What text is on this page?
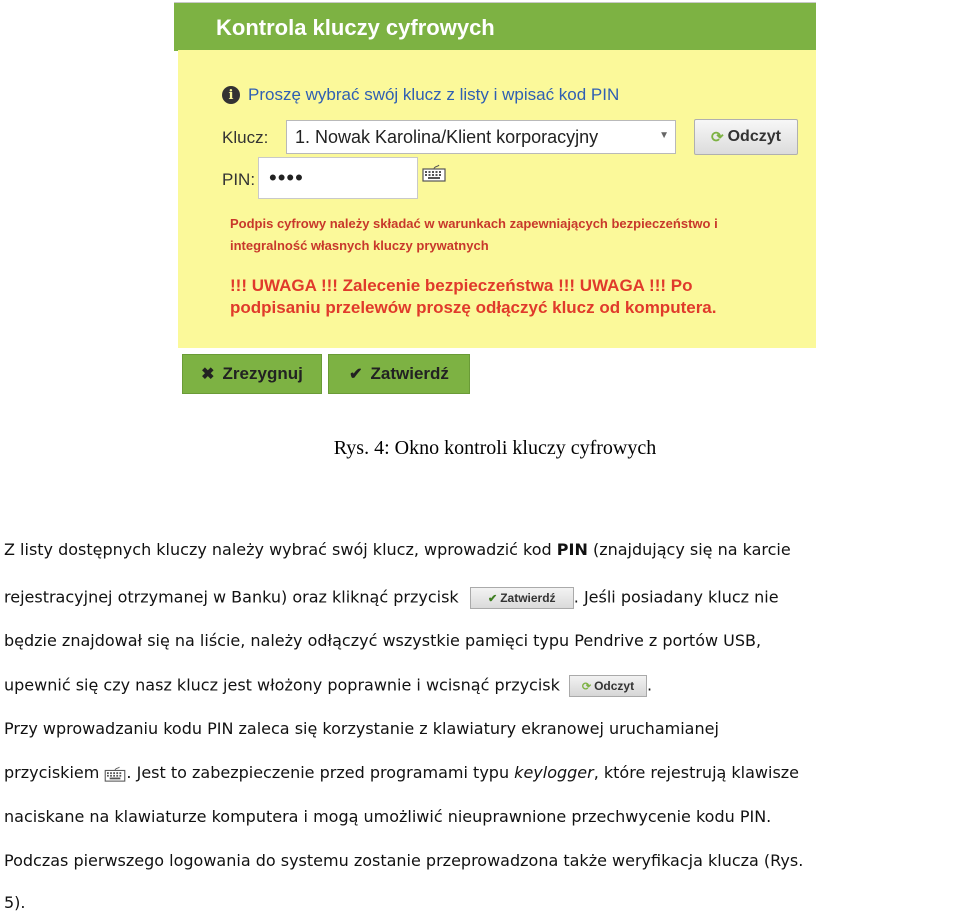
Kontrola kluczy cyfrowych
i Proszę wybrać swój klucz z listy i wpisać kod PIN
Klucz: 1. Nowak Karolina/Klient korporacyjny	▼	⟳ Odczyt
PIN: ••••
Podpis cyfrowy należy składać w warunkach zapewniających bezpieczeństwo i
integralność własnych kluczy prywatnych
!!! UWAGA !!! Zalecenie bezpieczeństwa !!! UWAGA !!! Po
podpisaniu przelewów proszę odłączyć klucz od komputera.
✖ Zrezygnuj	✔ Zatwierdź
Rys. 4: Okno kontroli kluczy cyfrowych
Z listy dostępnych kluczy należy wybrać swój klucz, wprowadzić kod PIN (znajdujący się na karcie
rejestracyjnej otrzymanej w Banku) oraz kliknąć przycisk	✔ Zatwierdź . Jeśli posiadany klucz nie
będzie znajdował się na liście, należy odłączyć wszystkie pamięci typu Pendrive z portów USB,
upewnić się czy nasz klucz jest włożony poprawnie i wcisnąć przycisk ⟳ Odczyt .
Przy wprowadzaniu kodu PIN zaleca się korzystanie z klawiatury ekranowej uruchamianej
przyciskiem . Jest to zabezpieczenie przed programami typu keylogger, które rejestrują klawisze
naciskane na klawiaturze komputera i mogą umożliwić nieuprawnione przechwycenie kodu PIN.
Podczas pierwszego logowania do systemu zostanie przeprowadzona także weryfikacja klucza (Rys.
5).
